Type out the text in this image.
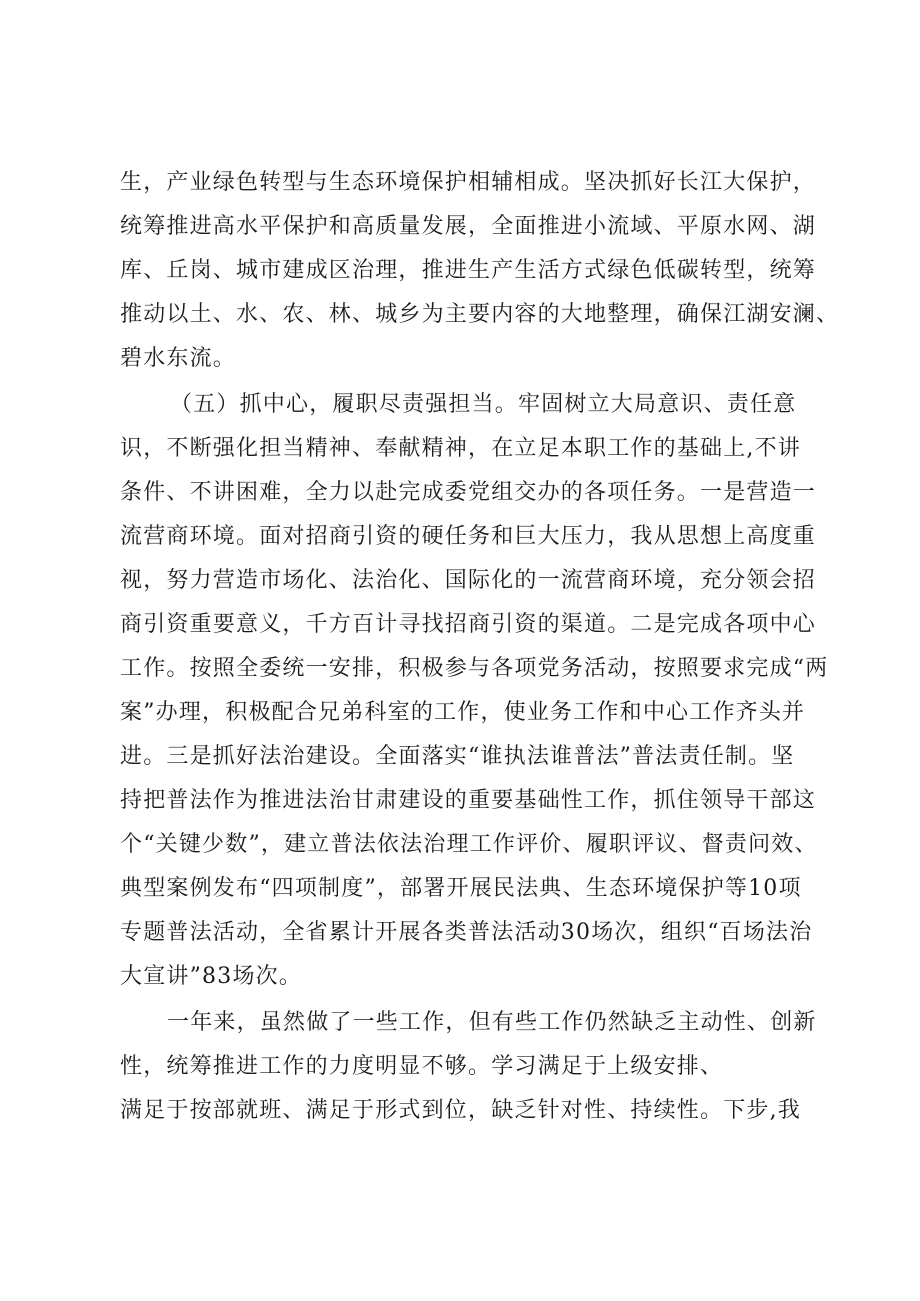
生，产业绿色转型与生态环境保护相辅相成。坚决抓好长江大保护，
统筹推进高水平保护和高质量发展，全面推进小流域、平原水网、湖
库、丘岗、城市建成区治理，推进生产生活方式绿色低碳转型，统筹
推动以土、水、农、林、城乡为主要内容的大地整理，确保江湖安澜、
碧水东流。
（五）抓中心，履职尽责强担当。牢固树立大局意识、责任意
识，不断强化担当精神、奉献精神，在立足本职工作的基础上,不讲
条件、不讲困难，全力以赴完成委党组交办的各项任务。一是营造一
流营商环境。面对招商引资的硬任务和巨大压力，我从思想上高度重
视，努力营造市场化、法治化、国际化的一流营商环境，充分领会招
商引资重要意义，千方百计寻找招商引资的渠道。二是完成各项中心
工作。按照全委统一安排，积极参与各项党务活动，按照要求完成“两
案”办理，积极配合兄弟科室的工作，使业务工作和中心工作齐头并
进。三是抓好法治建设。全面落实“谁执法谁普法”普法责任制。坚
持把普法作为推进法治甘肃建设的重要基础性工作，抓住领导干部这
个“关键少数”，建立普法依法治理工作评价、履职评议、督责问效、
典型案例发布“四项制度”，部署开展民法典、生态环境保护等10项
专题普法活动，全省累计开展各类普法活动30场次，组织“百场法治
大宣讲”83场次。
一年来，虽然做了一些工作，但有些工作仍然缺乏主动性、创新
性，统筹推进工作的力度明显不够。学习满足于上级安排、
满足于按部就班、满足于形式到位，缺乏针对性、持续性。下步,我
